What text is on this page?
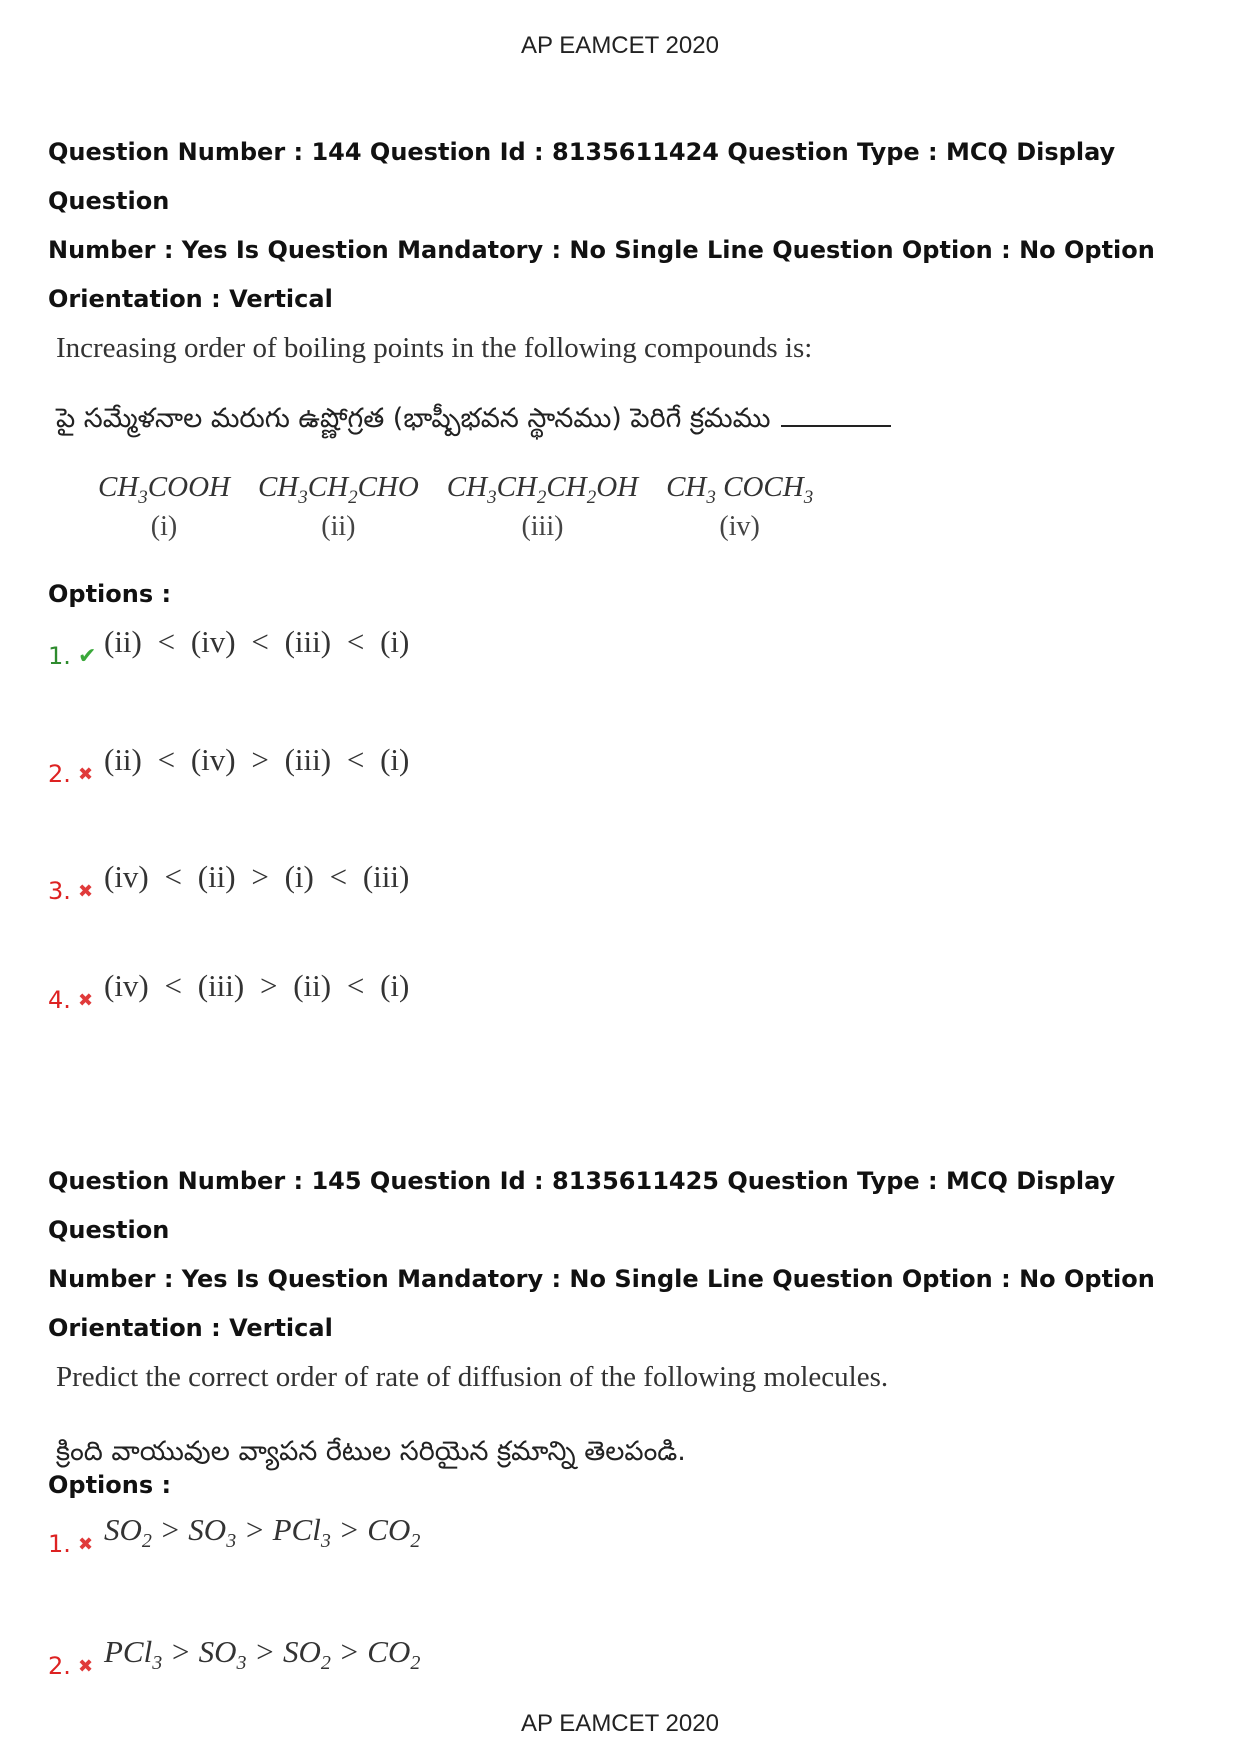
AP EAMCET 2020

Question Number : 144 Question Id : 8135611424 Question Type : MCQ Display Question

Number : Yes Is Question Mandatory : No Single Line Question Option : No Option

Orientation : Vertical

Increasing order of boiling points in the following compounds is:

పై సమ్మేళనాల మరుగు ఉష్ణోగ్రత (భాష్పీభవన స్థానము) పెరిగే క్రమము

$CH_3COOH$
(i)
$CH_3CH_2CHO$
(ii)
$CH_3CH_2CH_2OH$
(iii)
$CH_3$ $COCH_3$
(iv)
Options :
1. ✔ (ii) < (iv) < (iii) < (i)
2. ✖ (ii) < (iv) > (iii) < (i)
3. ✖ (iv) < (ii) > (i) < (iii)
4. ✖ (iv) < (iii) > (ii) < (i)

Question Number : 145 Question Id : 8135611425 Question Type : MCQ Display Question

Number : Yes Is Question Mandatory : No Single Line Question Option : No Option

Orientation : Vertical

Predict the correct order of rate of diffusion of the following molecules.

క్రింది వాయువుల వ్యాపన రేటుల సరియైన క్రమాన్ని తెలపండి.

Options :
1. ✖ $SO_2 > SO_3 > PCl_3 > CO_2$
2. ✖ $PCl_3 > SO_3 > SO_2 > CO_2$
AP EAMCET 2020
